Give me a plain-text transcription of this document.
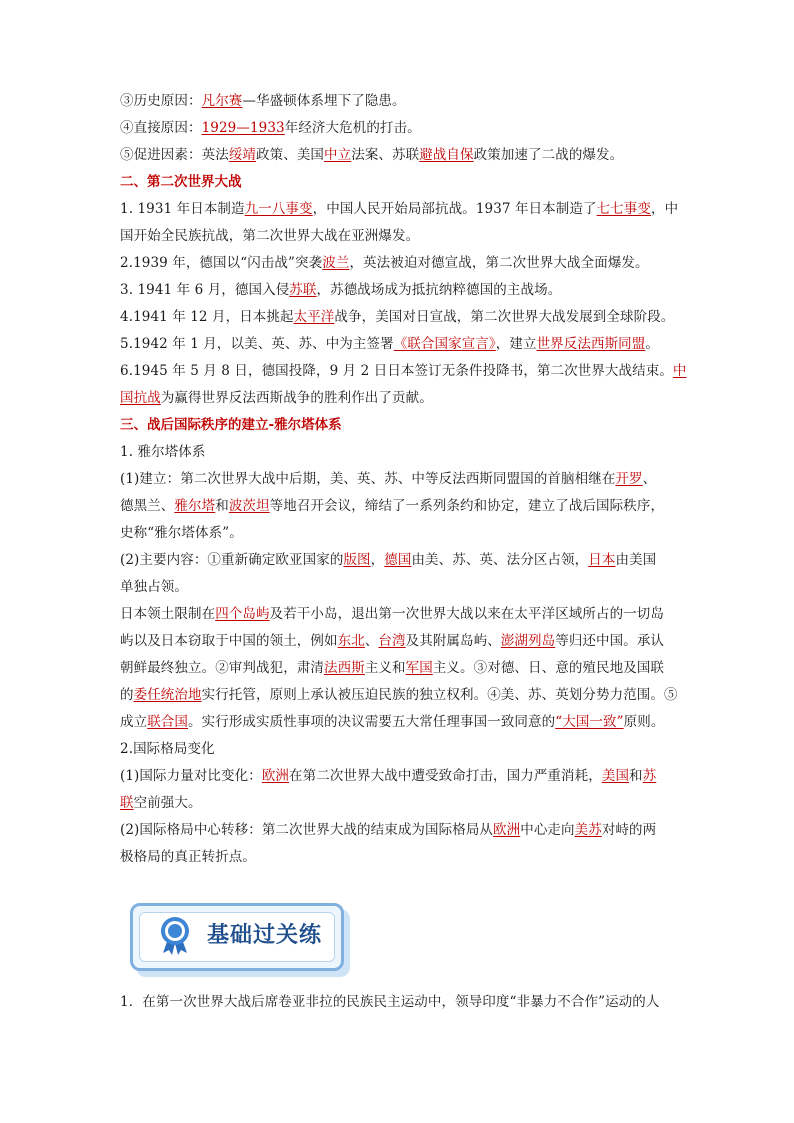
③历史原因：凡尔赛—华盛顿体系埋下了隐患。

④直接原因：1929—1933年经济大危机的打击。

⑤促进因素：英法绥靖政策、美国中立法案、苏联避战自保政策加速了二战的爆发。

二、第二次世界大战

1. 1931 年日本制造九一八事变，中国人民开始局部抗战。1937 年日本制造了七七事变，中

国开始全民族抗战，第二次世界大战在亚洲爆发。

2.1939 年，德国以“闪击战”突袭波兰，英法被迫对德宣战，第二次世界大战全面爆发。

3. 1941 年 6 月，德国入侵苏联，苏德战场成为抵抗纳粹德国的主战场。

4.1941 年 12 月，日本挑起太平洋战争，美国对日宣战，第二次世界大战发展到全球阶段。

5.1942 年 1 月，以美、英、苏、中为主签署《联合国家宣言》，建立世界反法西斯同盟。

6.1945 年 5 月 8 日，德国投降，9 月 2 日日本签订无条件投降书，第二次世界大战结束。中

国抗战为赢得世界反法西斯战争的胜利作出了贡献。

三、战后国际秩序的建立-雅尔塔体系

1. 雅尔塔体系

(1)建立：第二次世界大战中后期，美、英、苏、中等反法西斯同盟国的首脑相继在开罗、

德黑兰、雅尔塔和波茨坦等地召开会议，缔结了一系列条约和协定，建立了战后国际秩序，

史称“雅尔塔体系”。

(2)主要内容：①重新确定欧亚国家的版图，德国由美、苏、英、法分区占领，日本由美国

单独占领。

日本领土限制在四个岛屿及若干小岛，退出第一次世界大战以来在太平洋区域所占的一切岛

屿以及日本窃取于中国的领土，例如东北、台湾及其附属岛屿、澎湖列岛等归还中国。承认

朝鲜最终独立。②审判战犯，肃清法西斯主义和军国主义。③对德、日、意的殖民地及国联

的委任统治地实行托管，原则上承认被压迫民族的独立权利。④美、苏、英划分势力范围。⑤

成立联合国。实行形成实质性事项的决议需要五大常任理事国一致同意的“大国一致”原则。

2.国际格局变化

(1)国际力量对比变化：欧洲在第二次世界大战中遭受致命打击，国力严重消耗，美国和苏

联空前强大。

(2)国际格局中心转移：第二次世界大战的结束成为国际格局从欧洲中心走向美苏对峙的两

极格局的真正转折点。

基础过关练

1．在第一次世界大战后席卷亚非拉的民族民主运动中，领导印度“非暴力不合作”运动的人
